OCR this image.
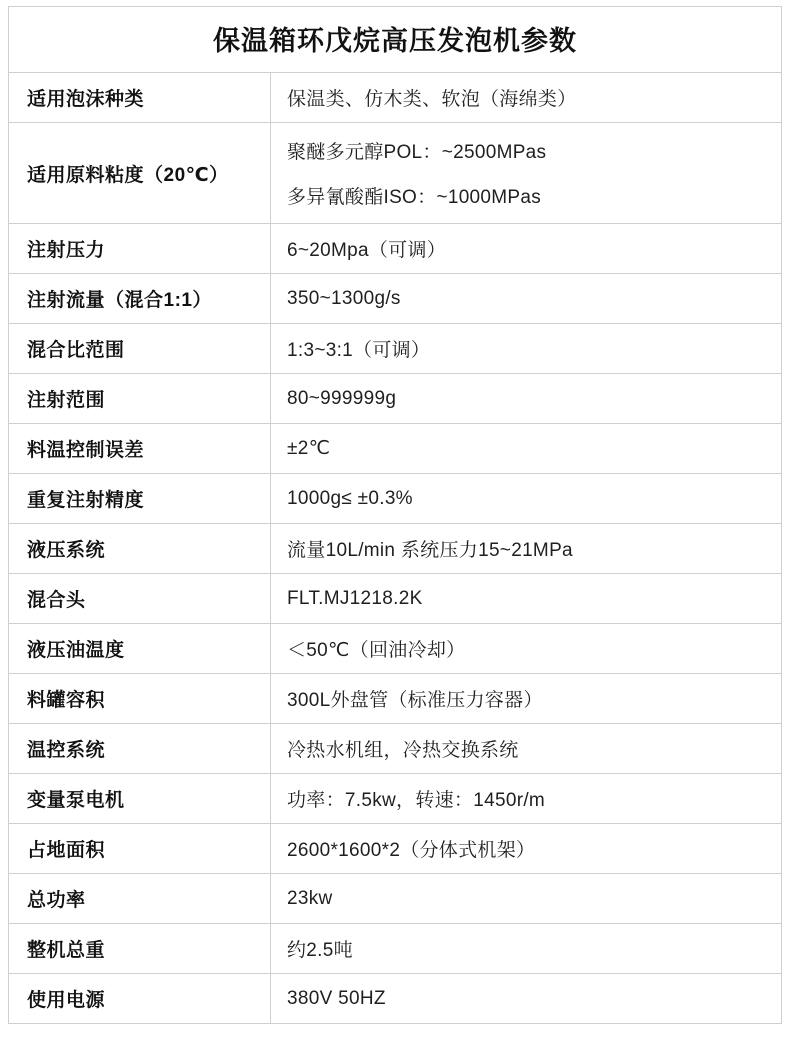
保温箱环戊烷高压发泡机参数	
适用泡沫种类	保温类、仿木类、软泡（海绵类）

适用原料粘度（20℃）	聚醚多元醇POL：~2500MPas
多异氰酸酯ISO：~1000MPas

注射压力	6~20Mpa（可调）

注射流量（混合1:1）	350~1300g/s

混合比范围	1:3~3:1（可调）

注射范围	80~999999g

料温控制误差	±2℃

重复注射精度	1000g≤ ±0.3%

液压系统	流量10L/min 系统压力15~21MPa

混合头	FLT.MJ1218.2K

液压油温度	＜50℃（回油冷却）

料罐容积	300L外盘管（标准压力容器）

温控系统	冷热水机组，冷热交换系统

变量泵电机	功率：7.5kw，转速：1450r/m

占地面积	2600*1600*2（分体式机架）

总功率	23kw

整机总重	约2.5吨

使用电源	380V 50HZ
